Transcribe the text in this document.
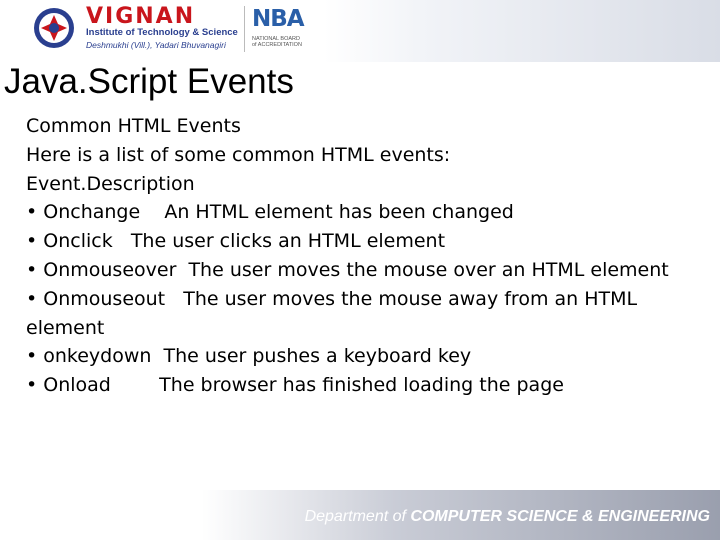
VIGNAN
Institute of Technology & Science
Deshmukhi (Vill.), Yadari Bhuvanagiri
NBA
NATIONAL BOARD
of ACCREDITATION
Java.Script Events
Common HTML Events
Here is a list of some common HTML events:
Event.Description
• Onchange    An HTML element has been changed
• Onclick   The user clicks an HTML element
• Onmouseover  The user moves the mouse over an HTML element
• Onmouseout   The user moves the mouse away from an HTML
element
• onkeydown  The user pushes a keyboard key
• Onload        The browser has finished loading the page
Department of COMPUTER SCIENCE & ENGINEERING
